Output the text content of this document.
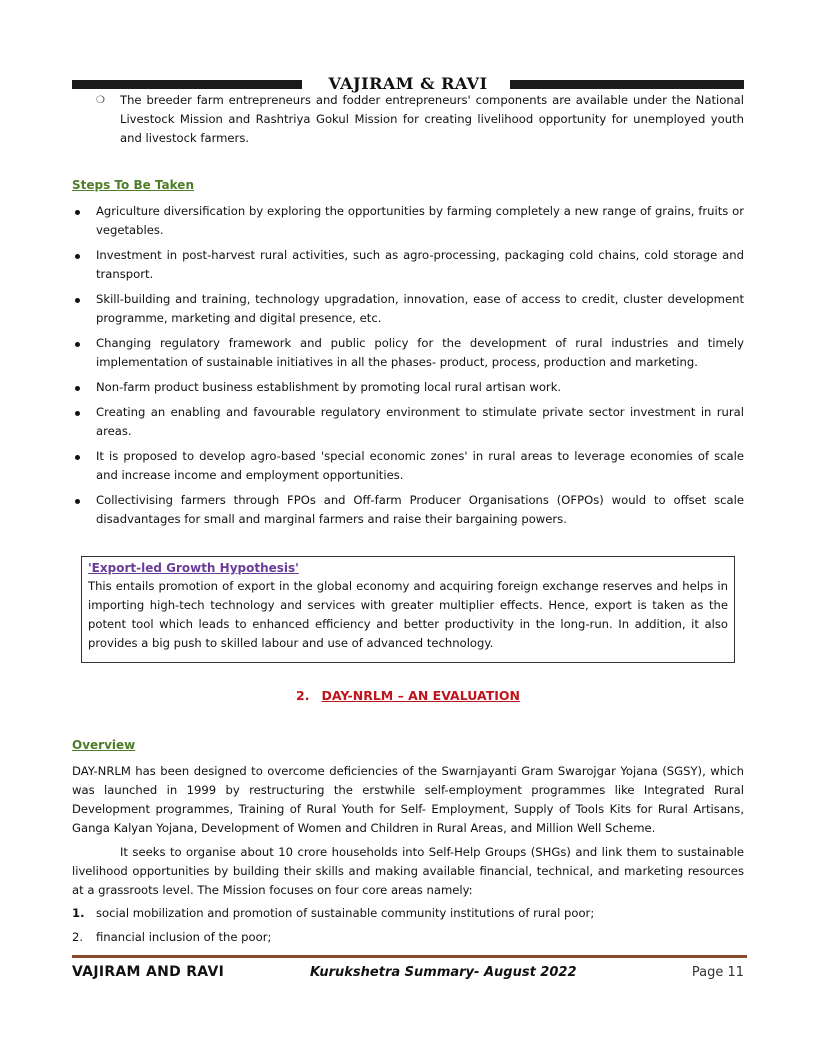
VAJIRAM & RAVI
❍ The breeder farm entrepreneurs and fodder entrepreneurs' components are available under the National Livestock Mission and Rashtriya Gokul Mission for creating livelihood opportunity for unemployed youth and livestock farmers.
Steps To Be Taken
Agriculture diversification by exploring the opportunities by farming completely a new range of grains, fruits or vegetables.
Investment in post-harvest rural activities, such as agro-processing, packaging cold chains, cold storage and transport.
Skill-building and training, technology upgradation, innovation, ease of access to credit, cluster development programme, marketing and digital presence, etc.
Changing regulatory framework and public policy for the development of rural industries and timely implementation of sustainable initiatives in all the phases- product, process, production and marketing.
Non-farm product business establishment by promoting local rural artisan work.
Creating an enabling and favourable regulatory environment to stimulate private sector investment in rural areas.
It is proposed to develop agro-based 'special economic zones' in rural areas to leverage economies of scale and increase income and employment opportunities.
Collectivising farmers through FPOs and Off-farm Producer Organisations (OFPOs) would to offset scale disadvantages for small and marginal farmers and raise their bargaining powers.
'Export-led Growth Hypothesis'
This entails promotion of export in the global economy and acquiring foreign exchange reserves and helps in importing high-tech technology and services with greater multiplier effects. Hence, export is taken as the potent tool which leads to enhanced efficiency and better productivity in the long-run. In addition, it also provides a big push to skilled labour and use of advanced technology.
2. DAY-NRLM – AN EVALUATION
Overview

DAY-NRLM has been designed to overcome deficiencies of the Swarnjayanti Gram Swarojgar Yojana (SGSY), which was launched in 1999 by restructuring the erstwhile self-employment programmes like Integrated Rural Development programmes, Training of Rural Youth for Self- Employment, Supply of Tools Kits for Rural Artisans, Ganga Kalyan Yojana, Development of Women and Children in Rural Areas, and Million Well Scheme.

It seeks to organise about 10 crore households into Self-Help Groups (SHGs) and link them to sustainable livelihood opportunities by building their skills and making available financial, technical, and marketing resources at a grassroots level. The Mission focuses on four core areas namely:

1. social mobilization and promotion of sustainable community institutions of rural poor;
2. financial inclusion of the poor;
VAJIRAM AND RAVI	Kurukshetra Summary- August 2022	Page 11
